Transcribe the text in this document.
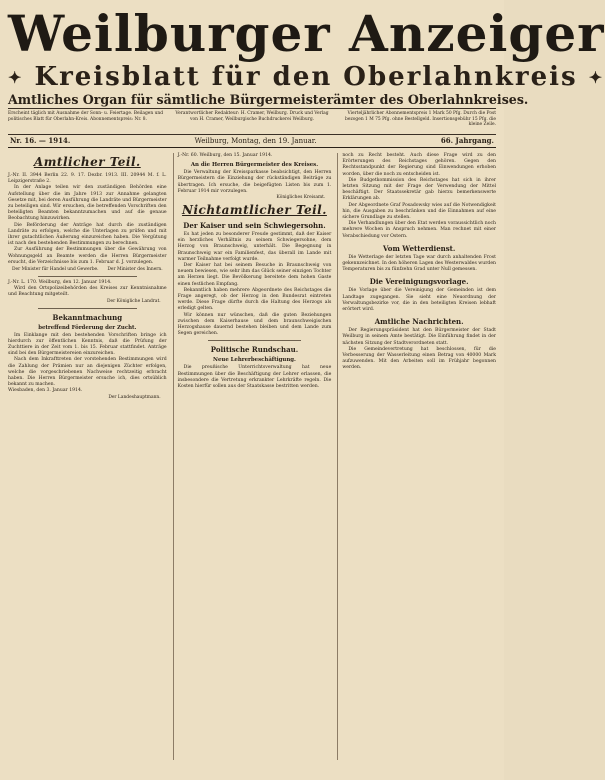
Weilburger Anzeiger
✦ Kreisblatt für den Oberlahnkreis ✦
Amtliches Organ für sämtliche Bürgermeisterämter des Oberlahnkreises.
Erscheint täglich mit Ausnahme der Sonn- u. Feiertage. Beilagen und politisches Blatt für Oberlahn-Kreis. Abonnementspreis: Nr. 8.
Verantwortlicher Redakteur: H. Cramer, Weilburg. Druck und Verlag von H. Cramer, Weilburgische Buchdruckerei Weilburg.
Vierteljährlicher Abonnementspreis 1 Mark 50 Pfg. Durch die Post bezogen 1 M 75 Pfg. ohne Bestellgeld. Insertionsgebühr 15 Pfg. die kleine Zeile.
Nr. 16. — 1914.	Weilburg, Montag, den 19. Januar.	66. Jahrgang.
Amtlicher Teil.
J.-Nr. II. 3944 Berlin 22. 9. 17. Dezbr. 1913. III. 20944 M. f. L. Leipzigerstraße 2.
In der Anlage teilen wir den zuständigen Behörden eine Aufstellung über die im Jahre 1913 zur Annahme gelangten Gesetze mit, bei deren Ausführung die Landräte und Bürgermeister zu beteiligen sind. Wir ersuchen, die betreffenden Vorschriften den beteiligten Beamten bekanntzumachen und auf die genaue Beobachtung hinzuwirken.
Die Beförderung der Anträge hat durch die zuständigen Landräte zu erfolgen, welche die Unterlagen zu prüfen und mit ihrer gutachtlichen Äußerung einzureichen haben. Die Vergütung ist nach den bestehenden Bestimmungen zu berechnen.
Zur Ausführung der Bestimmungen über die Gewährung von Wohnungsgeld an Beamte werden die Herren Bürgermeister ersucht, die Verzeichnisse bis zum 1. Februar d. J. vorzulegen.
Der Minister für Handel und Gewerbe. Der Minister des Innern.
J.-Nr. L. 170. Weilburg, den 12. Januar 1914.
Wird den Ortspolizeibehörden des Kreises zur Kenntnisnahme und Beachtung mitgeteilt.
Der Königliche Landrat.
Bekanntmachung
betreffend Förderung der Zucht.
Im Einklange mit den bestehenden Vorschriften bringe ich hierdurch zur öffentlichen Kenntnis, daß die Prüfung der Zuchttiere in der Zeit vom 1. bis 15. Februar stattfindet. Anträge sind bei den Bürgermeistereien einzureichen.
Nach dem Inkrafttreten der vorstehenden Bestimmungen wird die Zahlung der Prämien nur an diejenigen Züchter erfolgen, welche die vorgeschriebenen Nachweise rechtzeitig erbracht haben. Die Herren Bürgermeister ersuche ich, dies ortsüblich bekannt zu machen.
Wiesbaden, den 3. Januar 1914.
Der Landeshauptmann.
J.-Nr. 60. Weilburg, den 15. Januar 1914.
An die Herren Bürgermeister des Kreises.
Die Verwaltung der Kreissparkasse beabsichtigt, den Herren Bürgermeistern die Einziehung der rückständigen Beiträge zu übertragen. Ich ersuche, die beigefügten Listen bis zum 1. Februar 1914 mir vorzulegen.
Königliches Kreisamt.
Nichtamtlicher Teil.
Der Kaiser und sein Schwiegersohn.
Es hat jeden zu besonderer Freude gestimmt, daß der Kaiser ein herzliches Verhältnis zu seinem Schwiegersohne, dem Herzog von Braunschweig, unterhält. Die Begegnung in Braunschweig war ein Familienfest, das überall im Lande mit warmer Teilnahme verfolgt wurde.
Der Kaiser hat bei seinem Besuche in Braunschweig von neuem bewiesen, wie sehr ihm das Glück seiner einzigen Tochter am Herzen liegt. Die Bevölkerung bereitete dem hohen Gaste einen festlichen Empfang.
Bekanntlich haben mehrere Abgeordnete des Reichstages die Frage angeregt, ob der Herzog in den Bundesrat eintreten werde. Diese Frage dürfte durch die Haltung des Herzogs als erledigt gelten.
Wir können nur wünschen, daß die guten Beziehungen zwischen dem Kaiserhause und dem braunschweigischen Herzogshause dauernd bestehen bleiben und dem Lande zum Segen gereichen.
Politische Rundschau.
Neue Lehrerbeschäftigung.
Die preußische Unterrichtsverwaltung hat neue Bestimmungen über die Beschäftigung der Lehrer erlassen, die insbesondere die Vertretung erkrankter Lehrkräfte regeln. Die Kosten hierfür sollen aus der Staatskasse bestritten werden.
noch zu Recht besteht. Auch diese Frage wird zu den Erörterungen des Reichstages gehören. Gegen den Rechtsstandpunkt der Regierung sind Einwendungen erhoben worden, über die noch zu entscheiden ist.
Die Budgetkommission des Reichstages hat sich in ihrer letzten Sitzung mit der Frage der Verwendung der Mittel beschäftigt. Der Staatssekretär gab hierzu bemerkenswerte Erklärungen ab.
Der Abgeordnete Graf Posadowsky wies auf die Notwendigkeit hin, die Ausgaben zu beschränken und die Einnahmen auf eine sichere Grundlage zu stellen.
Die Verhandlungen über den Etat werden voraussichtlich noch mehrere Wochen in Anspruch nehmen. Man rechnet mit einer Verabschiedung vor Ostern.
Vom Wetterdienst.
Die Wetterlage der letzten Tage war durch anhaltenden Frost gekennzeichnet. In den höheren Lagen des Westerwaldes wurden Temperaturen bis zu fünfzehn Grad unter Null gemessen.
Die Vereinigungsvorlage.
Die Vorlage über die Vereinigung der Gemeinden ist dem Landtage zugegangen. Sie sieht eine Neuordnung der Verwaltungsbezirke vor, die in den beteiligten Kreisen lebhaft erörtert wird.
Amtliche Nachrichten.
Der Regierungspräsident hat den Bürgermeister der Stadt Weilburg in seinem Amte bestätigt. Die Einführung findet in der nächsten Sitzung der Stadtverordneten statt.
Die Gemeindevertretung hat beschlossen, für die Verbesserung der Wasserleitung einen Betrag von 40000 Mark aufzuwenden. Mit den Arbeiten soll im Frühjahr begonnen werden.
